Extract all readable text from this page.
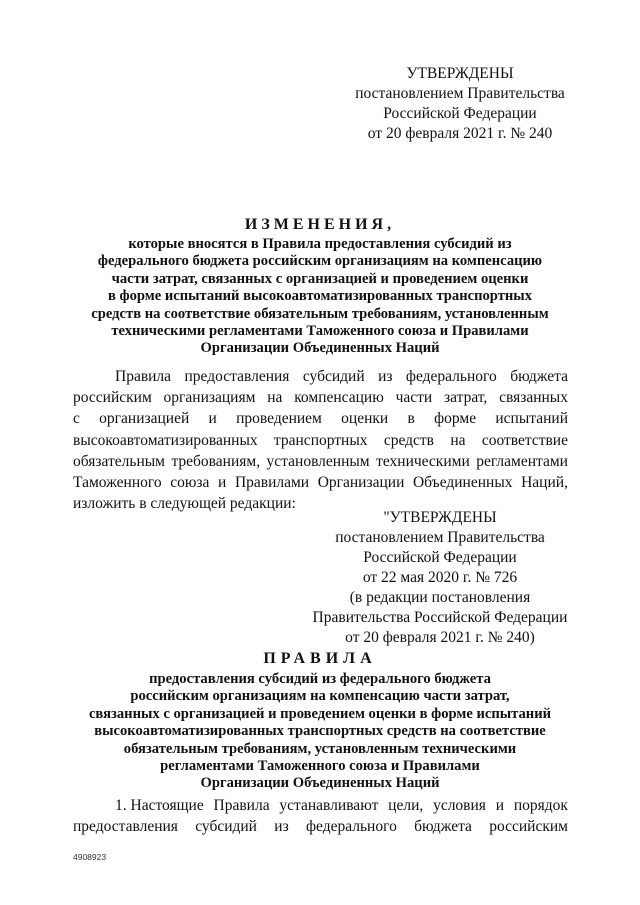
УТВЕРЖДЕНЫ
постановлением Правительства
Российской Федерации
от 20 февраля 2021 г. № 240
ИЗМЕНЕНИЯ,
которые вносятся в Правила предоставления субсидий из
федерального бюджета российским организациям на компенсацию
части затрат, связанных с организацией и проведением оценки
в форме испытаний высокоавтоматизированных транспортных
средств на соответствие обязательным требованиям, установленным
техническими регламентами Таможенного союза и Правилами
Организации Объединенных Наций
Правила предоставления субсидий из федерального бюджета
российским организациям на компенсацию части затрат, связанных
с организацией и проведением оценки в форме испытаний
высокоавтоматизированных транспортных средств на соответствие
обязательным требованиям, установленным техническими регламентами
Таможенного союза и Правилами Организации Объединенных Наций,
изложить в следующей редакции:
"УТВЕРЖДЕНЫ
постановлением Правительства
Российской Федерации
от 22 мая 2020 г. № 726
(в редакции постановления
Правительства Российской Федерации
от 20 февраля 2021 г. № 240)
ПРАВИЛА
предоставления субсидий из федерального бюджета
российским организациям на компенсацию части затрат,
связанных с организацией и проведением оценки в форме испытаний
высокоавтоматизированных транспортных средств на соответствие
обязательным требованиям, установленным техническими
регламентами Таможенного союза и Правилами
Организации Объединенных Наций
1. Настоящие Правила устанавливают цели, условия и порядок
предоставления субсидий из федерального бюджета российским
4908923
